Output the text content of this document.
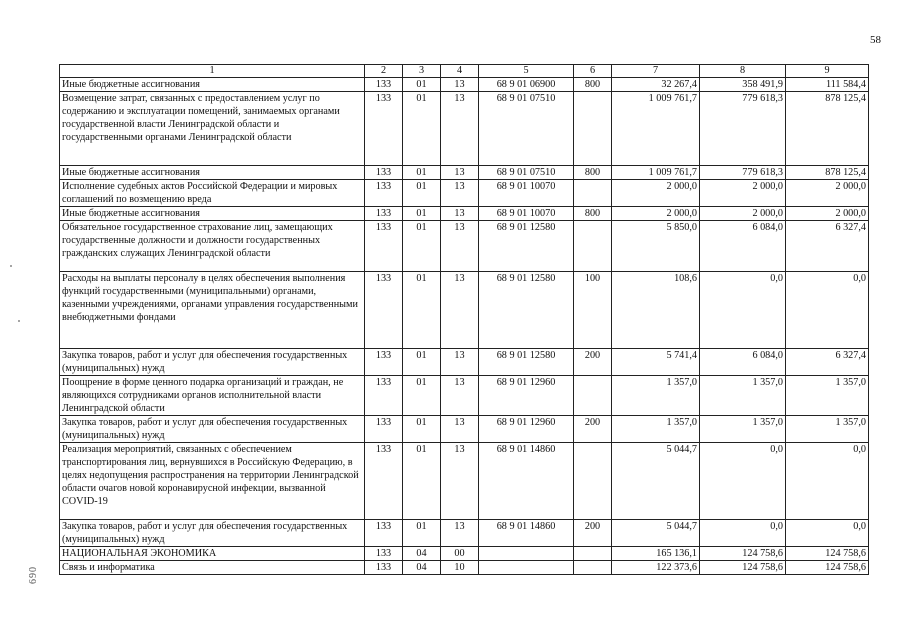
58
1	2	3	4	5	6	7	8	9
Иные бюджетные ассигнования	133	01	13	68 9 01 06900	800	32 267,4	358 491,9	111 584,4
Возмещение затрат, связанных с предоставлением услуг по содержанию и эксплуатации помещений, занимаемых органами государственной власти Ленинградской области и государственными органами Ленинградской области	133	01	13	68 9 01 07510		1 009 761,7	779 618,3	878 125,4
Иные бюджетные ассигнования	133	01	13	68 9 01 07510	800	1 009 761,7	779 618,3	878 125,4
Исполнение судебных актов Российской Федерации и мировых соглашений по возмещению вреда	133	01	13	68 9 01 10070		2 000,0	2 000,0	2 000,0
Иные бюджетные ассигнования	133	01	13	68 9 01 10070	800	2 000,0	2 000,0	2 000,0
Обязательное государственное страхование лиц, замещающих государственные должности и должности государственных гражданских служащих Ленинградской области	133	01	13	68 9 01 12580		5 850,0	6 084,0	6 327,4
Расходы на выплаты персоналу в целях обеспечения выполнения функций государственными (муниципальными) органами, казенными учреждениями, органами управления государственными внебюджетными фондами	133	01	13	68 9 01 12580	100	108,6	0,0	0,0
Закупка товаров, работ и услуг для обеспечения государственных (муниципальных) нужд	133	01	13	68 9 01 12580	200	5 741,4	6 084,0	6 327,4
Поощрение в форме ценного подарка организаций и граждан, не являющихся сотрудниками органов исполнительной власти Ленинградской области	133	01	13	68 9 01 12960		1 357,0	1 357,0	1 357,0
Закупка товаров, работ и услуг для обеспечения государственных (муниципальных) нужд	133	01	13	68 9 01 12960	200	1 357,0	1 357,0	1 357,0
Реализация мероприятий, связанных с обеспечением транспортирования лиц, вернувшихся в Российскую Федерацию, в целях недопущения распространения на территории Ленинградской области очагов новой коронавирусной инфекции, вызванной COVID-19	133	01	13	68 9 01 14860		5 044,7	0,0	0,0
Закупка товаров, работ и услуг для обеспечения государственных (муниципальных) нужд	133	01	13	68 9 01 14860	200	5 044,7	0,0	0,0
НАЦИОНАЛЬНАЯ ЭКОНОМИКА	133	04	00			165 136,1	124 758,6	124 758,6
Связь и информатика	133	04	10			122 373,6	124 758,6	124 758,6
690
